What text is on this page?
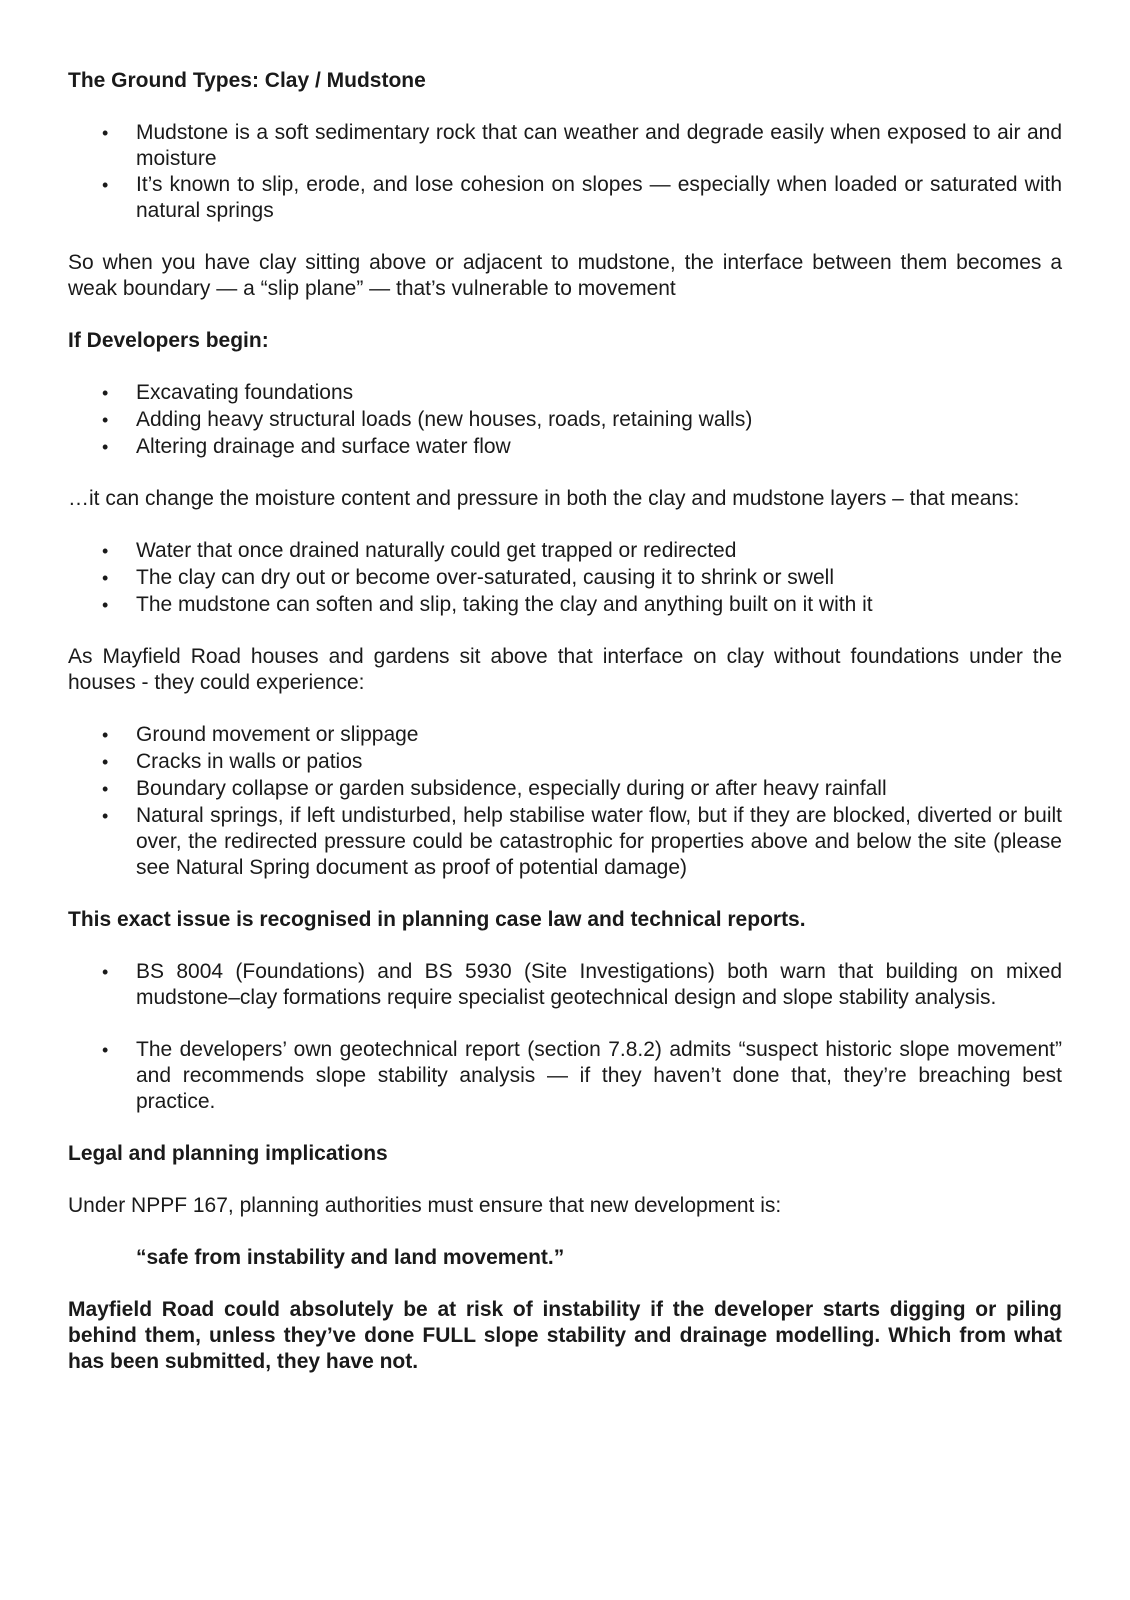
The Ground Types: Clay / Mudstone

• Mudstone is a soft sedimentary rock that can weather and degrade easily when exposed to air and moisture
• It’s known to slip, erode, and lose cohesion on slopes — especially when loaded or saturated with natural springs

So when you have clay sitting above or adjacent to mudstone, the interface between them becomes a weak boundary — a “slip plane” — that’s vulnerable to movement

If Developers begin:

• Excavating foundations
• Adding heavy structural loads (new houses, roads, retaining walls)
• Altering drainage and surface water flow

…it can change the moisture content and pressure in both the clay and mudstone layers – that means:

• Water that once drained naturally could get trapped or redirected
• The clay can dry out or become over-saturated, causing it to shrink or swell
• The mudstone can soften and slip, taking the clay and anything built on it with it

As Mayfield Road houses and gardens sit above that interface on clay without foundations under the houses - they could experience:

• Ground movement or slippage
• Cracks in walls or patios
• Boundary collapse or garden subsidence, especially during or after heavy rainfall
• Natural springs, if left undisturbed, help stabilise water flow, but if they are blocked, diverted or built over, the redirected pressure could be catastrophic for properties above and below the site (please see Natural Spring document as proof of potential damage)

This exact issue is recognised in planning case law and technical reports.

• BS 8004 (Foundations) and BS 5930 (Site Investigations) both warn that building on mixed mudstone–clay formations require specialist geotechnical design and slope stability analysis.
• The developers’ own geotechnical report (section 7.8.2) admits “suspect historic slope movement” and recommends slope stability analysis — if they haven’t done that, they’re breaching best practice.

Legal and planning implications

Under NPPF 167, planning authorities must ensure that new development is:

“safe from instability and land movement.”

Mayfield Road could absolutely be at risk of instability if the developer starts digging or piling behind them, unless they’ve done FULL slope stability and drainage modelling. Which from what has been submitted, they have not.
